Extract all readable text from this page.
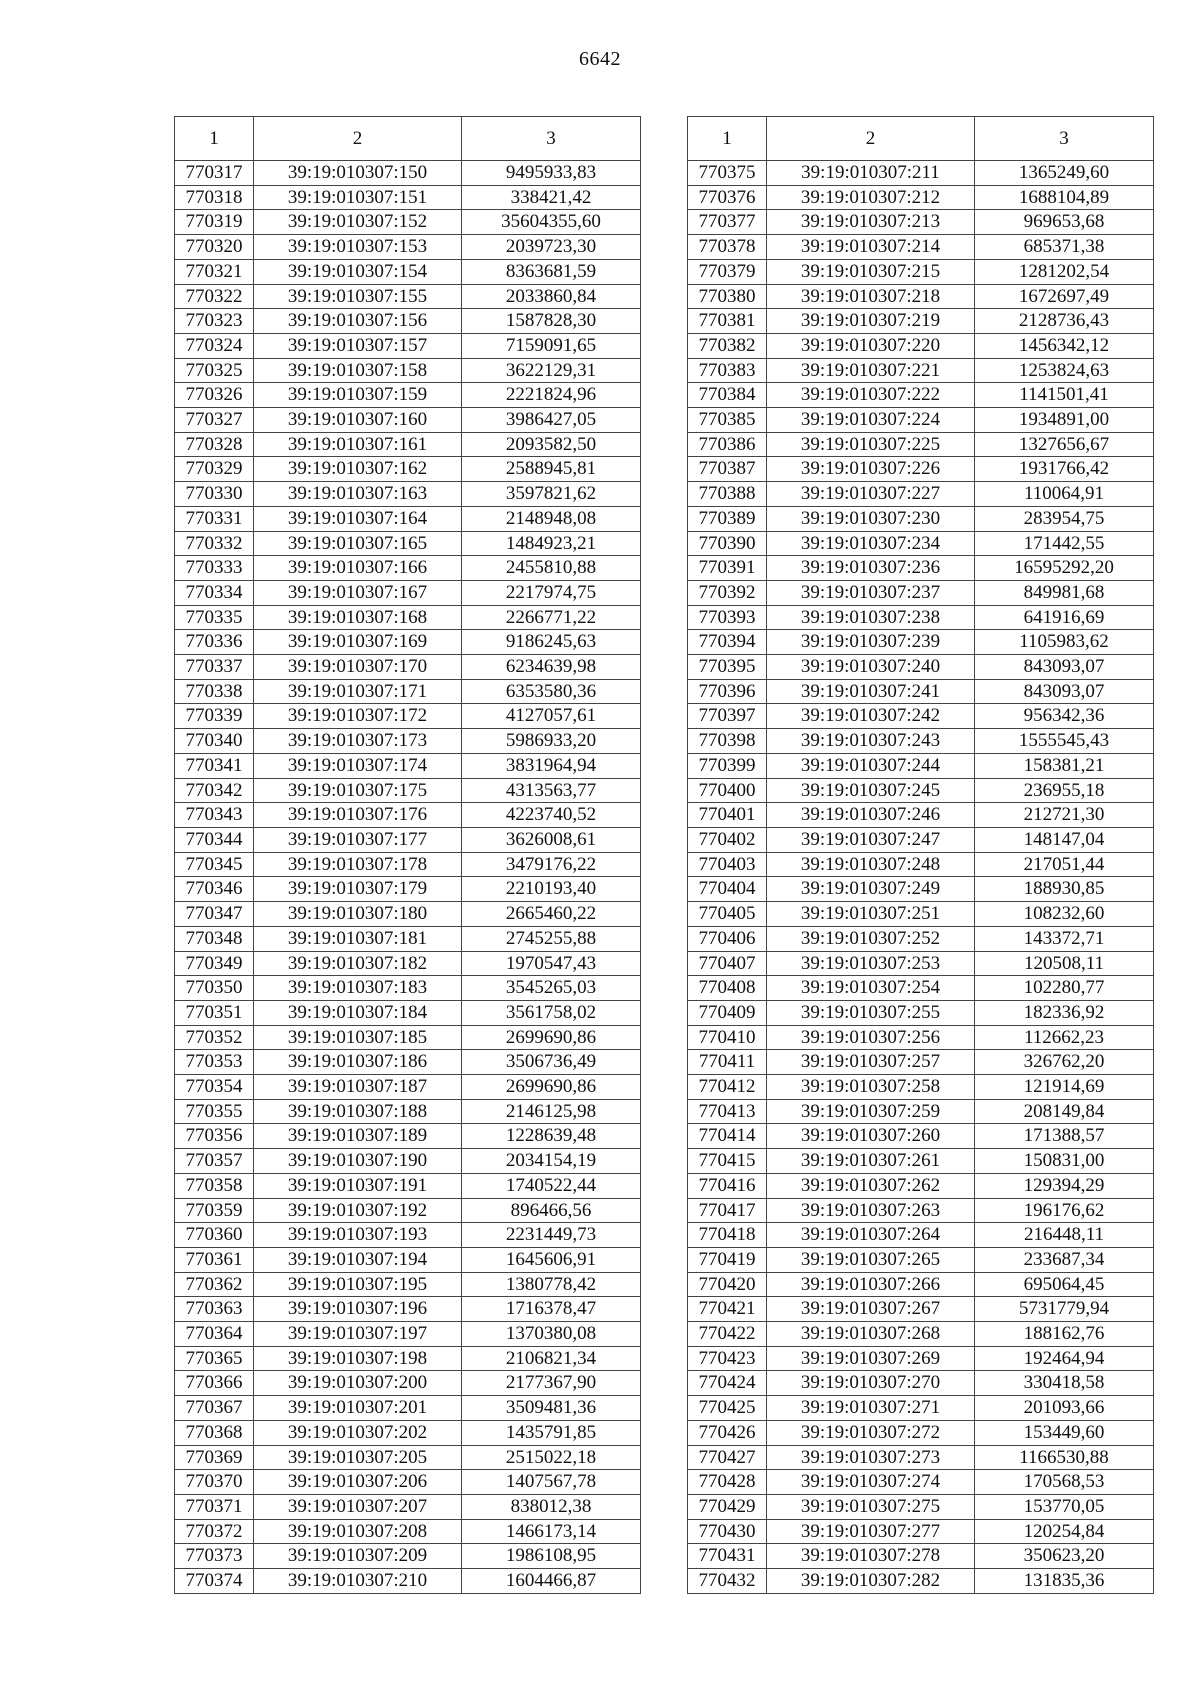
6642
1	2	3
770317	39:19:010307:150	9495933,83
770318	39:19:010307:151	338421,42
770319	39:19:010307:152	35604355,60
770320	39:19:010307:153	2039723,30
770321	39:19:010307:154	8363681,59
770322	39:19:010307:155	2033860,84
770323	39:19:010307:156	1587828,30
770324	39:19:010307:157	7159091,65
770325	39:19:010307:158	3622129,31
770326	39:19:010307:159	2221824,96
770327	39:19:010307:160	3986427,05
770328	39:19:010307:161	2093582,50
770329	39:19:010307:162	2588945,81
770330	39:19:010307:163	3597821,62
770331	39:19:010307:164	2148948,08
770332	39:19:010307:165	1484923,21
770333	39:19:010307:166	2455810,88
770334	39:19:010307:167	2217974,75
770335	39:19:010307:168	2266771,22
770336	39:19:010307:169	9186245,63
770337	39:19:010307:170	6234639,98
770338	39:19:010307:171	6353580,36
770339	39:19:010307:172	4127057,61
770340	39:19:010307:173	5986933,20
770341	39:19:010307:174	3831964,94
770342	39:19:010307:175	4313563,77
770343	39:19:010307:176	4223740,52
770344	39:19:010307:177	3626008,61
770345	39:19:010307:178	3479176,22
770346	39:19:010307:179	2210193,40
770347	39:19:010307:180	2665460,22
770348	39:19:010307:181	2745255,88
770349	39:19:010307:182	1970547,43
770350	39:19:010307:183	3545265,03
770351	39:19:010307:184	3561758,02
770352	39:19:010307:185	2699690,86
770353	39:19:010307:186	3506736,49
770354	39:19:010307:187	2699690,86
770355	39:19:010307:188	2146125,98
770356	39:19:010307:189	1228639,48
770357	39:19:010307:190	2034154,19
770358	39:19:010307:191	1740522,44
770359	39:19:010307:192	896466,56
770360	39:19:010307:193	2231449,73
770361	39:19:010307:194	1645606,91
770362	39:19:010307:195	1380778,42
770363	39:19:010307:196	1716378,47
770364	39:19:010307:197	1370380,08
770365	39:19:010307:198	2106821,34
770366	39:19:010307:200	2177367,90
770367	39:19:010307:201	3509481,36
770368	39:19:010307:202	1435791,85
770369	39:19:010307:205	2515022,18
770370	39:19:010307:206	1407567,78
770371	39:19:010307:207	838012,38
770372	39:19:010307:208	1466173,14
770373	39:19:010307:209	1986108,95
770374	39:19:010307:210	1604466,87
1	2	3
770375	39:19:010307:211	1365249,60
770376	39:19:010307:212	1688104,89
770377	39:19:010307:213	969653,68
770378	39:19:010307:214	685371,38
770379	39:19:010307:215	1281202,54
770380	39:19:010307:218	1672697,49
770381	39:19:010307:219	2128736,43
770382	39:19:010307:220	1456342,12
770383	39:19:010307:221	1253824,63
770384	39:19:010307:222	1141501,41
770385	39:19:010307:224	1934891,00
770386	39:19:010307:225	1327656,67
770387	39:19:010307:226	1931766,42
770388	39:19:010307:227	110064,91
770389	39:19:010307:230	283954,75
770390	39:19:010307:234	171442,55
770391	39:19:010307:236	16595292,20
770392	39:19:010307:237	849981,68
770393	39:19:010307:238	641916,69
770394	39:19:010307:239	1105983,62
770395	39:19:010307:240	843093,07
770396	39:19:010307:241	843093,07
770397	39:19:010307:242	956342,36
770398	39:19:010307:243	1555545,43
770399	39:19:010307:244	158381,21
770400	39:19:010307:245	236955,18
770401	39:19:010307:246	212721,30
770402	39:19:010307:247	148147,04
770403	39:19:010307:248	217051,44
770404	39:19:010307:249	188930,85
770405	39:19:010307:251	108232,60
770406	39:19:010307:252	143372,71
770407	39:19:010307:253	120508,11
770408	39:19:010307:254	102280,77
770409	39:19:010307:255	182336,92
770410	39:19:010307:256	112662,23
770411	39:19:010307:257	326762,20
770412	39:19:010307:258	121914,69
770413	39:19:010307:259	208149,84
770414	39:19:010307:260	171388,57
770415	39:19:010307:261	150831,00
770416	39:19:010307:262	129394,29
770417	39:19:010307:263	196176,62
770418	39:19:010307:264	216448,11
770419	39:19:010307:265	233687,34
770420	39:19:010307:266	695064,45
770421	39:19:010307:267	5731779,94
770422	39:19:010307:268	188162,76
770423	39:19:010307:269	192464,94
770424	39:19:010307:270	330418,58
770425	39:19:010307:271	201093,66
770426	39:19:010307:272	153449,60
770427	39:19:010307:273	1166530,88
770428	39:19:010307:274	170568,53
770429	39:19:010307:275	153770,05
770430	39:19:010307:277	120254,84
770431	39:19:010307:278	350623,20
770432	39:19:010307:282	131835,36
